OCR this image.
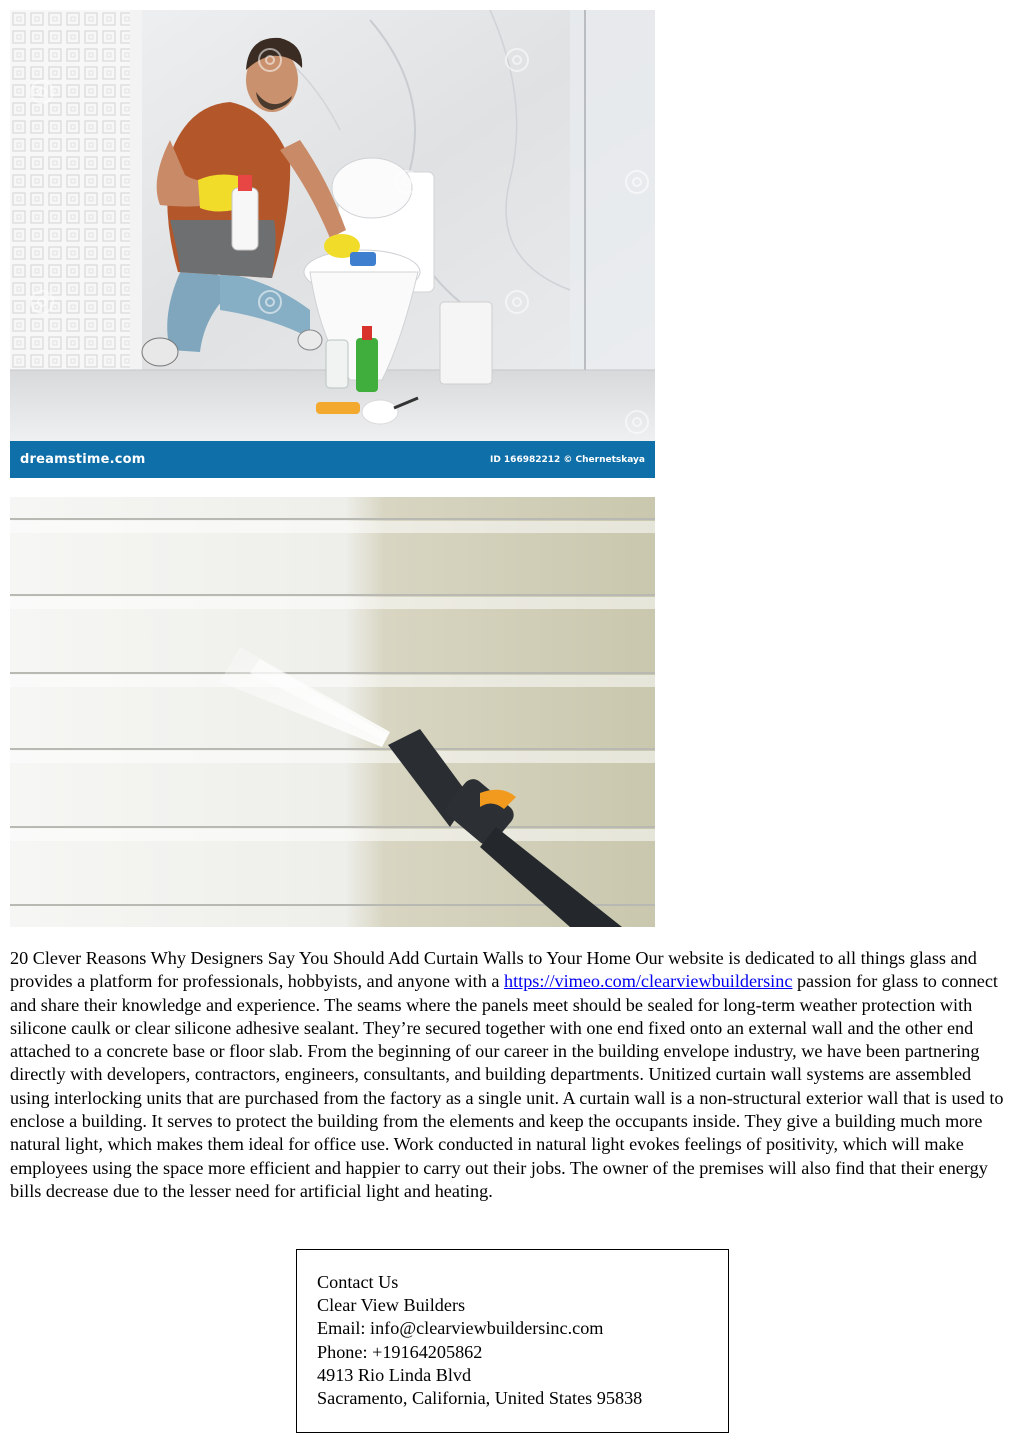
dreamstime.com	ID 166982212 © Chernetskaya

20 Clever Reasons Why Designers Say You Should Add Curtain Walls to Your Home Our website is dedicated to all things glass and provides a platform for professionals, hobbyists, and anyone with a https://vimeo.com/clearviewbuildersinc passion for glass to connect and share their knowledge and experience. The seams where the panels meet should be sealed for long-term weather protection with silicone caulk or clear silicone adhesive sealant. They’re secured together with one end fixed onto an external wall and the other end attached to a concrete base or floor slab. From the beginning of our career in the building envelope industry, we have been partnering directly with developers, contractors, engineers, consultants, and building departments. Unitized curtain wall systems are assembled using interlocking units that are purchased from the factory as a single unit. A curtain wall is a non-structural exterior wall that is used to enclose a building. It serves to protect the building from the elements and keep the occupants inside. They give a building much more natural light, which makes them ideal for office use. Work conducted in natural light evokes feelings of positivity, which will make employees using the space more efficient and happier to carry out their jobs. The owner of the premises will also find that their energy bills decrease due to the lesser need for artificial light and heating.

Contact Us
Clear View Builders
Email: info@clearviewbuildersinc.com
Phone: +19164205862
4913 Rio Linda Blvd
Sacramento, California, United States 95838
